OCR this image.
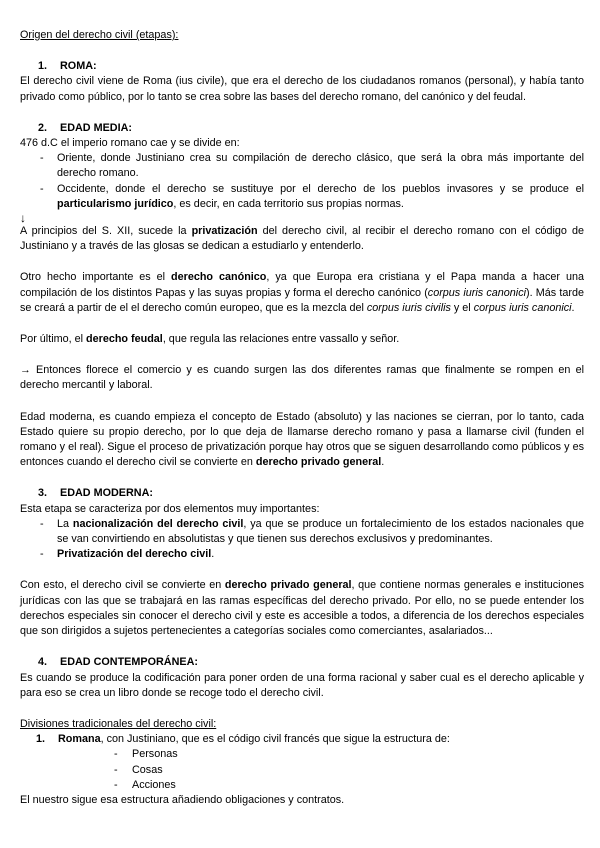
Origen del derecho civil (etapas):

1. ROMA:

El derecho civil viene de Roma (ius civile), que era el derecho de los ciudadanos romanos (personal), y había tanto privado como público, por lo tanto se crea sobre las bases del derecho romano, del canónico y del feudal.

2. EDAD MEDIA:

476 d.C el imperio romano cae y se divide en:

-	Oriente, donde Justiniano crea su compilación de derecho clásico, que será la obra más importante del derecho romano.
-	Occidente, donde el derecho se sustituye por el derecho de los pueblos invasores y se produce el particularismo jurídico, es decir, en cada territorio sus propias normas.

↓

A principios del S. XII, sucede la privatización del derecho civil, al recibir el derecho romano con el código de Justiniano y a través de las glosas se dedican a estudiarlo y entenderlo.

Otro hecho importante es el derecho canónico, ya que Europa era cristiana y el Papa manda a hacer una compilación de los distintos Papas y las suyas propias y forma el derecho canónico (corpus iuris canonici). Más tarde se creará a partir de el el derecho común europeo, que es la mezcla del corpus iuris civilis y el corpus iuris canonici.

Por último, el derecho feudal, que regula las relaciones entre vassallo y señor.

→ Entonces florece el comercio y es cuando surgen las dos diferentes ramas que finalmente se rompen en el derecho mercantil y laboral.

Edad moderna, es cuando empieza el concepto de Estado (absoluto) y las naciones se cierran, por lo tanto, cada Estado quiere su propio derecho, por lo que deja de llamarse derecho romano y pasa a llamarse civil (funden el romano y el real). Sigue el proceso de privatización porque hay otros que se siguen desarrollando como públicos y es entonces cuando el derecho civil se convierte en derecho privado general.

3. EDAD MODERNA:

Esta etapa se caracteriza por dos elementos muy importantes:

-	La nacionalización del derecho civil, ya que se produce un fortalecimiento de los estados nacionales que se van convirtiendo en absolutistas y que tienen sus derechos exclusivos y predominantes.
-	Privatización del derecho civil.

Con esto, el derecho civil se convierte en derecho privado general, que contiene normas generales e instituciones jurídicas con las que se trabajará en las ramas específicas del derecho privado. Por ello, no se puede entender los derechos especiales sin conocer el derecho civil y este es accesible a todos, a diferencia de los derechos especiales que son dirigidos a sujetos pertenecientes a categorías sociales como comerciantes, asalariados...

4. EDAD CONTEMPORÁNEA:

Es cuando se produce la codificación para poner orden de una forma racional y saber cual es el derecho aplicable y para eso se crea un libro donde se recoge todo el derecho civil.

Divisiones tradicionales del derecho civil:

1. Romana, con Justiniano, que es el código civil francés que sigue la estructura de:

- Personas

- Cosas

- Acciones

El nuestro sigue esa estructura añadiendo obligaciones y contratos.
